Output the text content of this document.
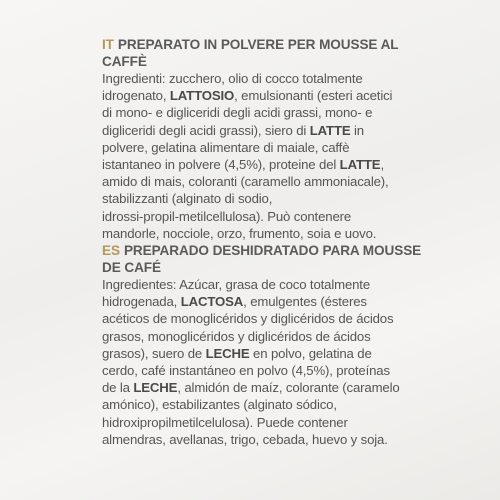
IT PREPARATO IN POLVERE PER MOUSSE AL CAFFÈ

Ingredienti: zucchero, olio di cocco totalmente
idrogenato, LATTOSIO, emulsionanti (esteri acetici
di mono- e digliceridi degli acidi grassi, mono- e
digliceridi degli acidi grassi), siero di LATTE in
polvere, gelatina alimentare di maiale, caffè
istantaneo in polvere (4,5%), proteine del LATTE,
amido di mais, coloranti (caramello ammoniacale),
stabilizzanti (alginato di sodio,
idrossi-propil-metilcellulosa). Può contenere
mandorle, nocciole, orzo, frumento, soia e uovo.

ES PREPARADO DESHIDRATADO PARA MOUSSE
DE CAFÉ

Ingredientes: Azúcar, grasa de coco totalmente
hidrogenada, LACTOSA, emulgentes (ésteres
acéticos de monoglicéridos y diglicéridos de ácidos
grasos, monoglicéridos y diglicéridos de ácidos
grasos), suero de LECHE en polvo, gelatina de
cerdo, café instantáneo en polvo (4,5%), proteínas
de la LECHE, almidón de maíz, colorante (caramelo
amónico), estabilizantes (alginato sódico,
hidroxipropilmetilcelulosa). Puede contener
almendras, avellanas, trigo, cebada, huevo y soja.
